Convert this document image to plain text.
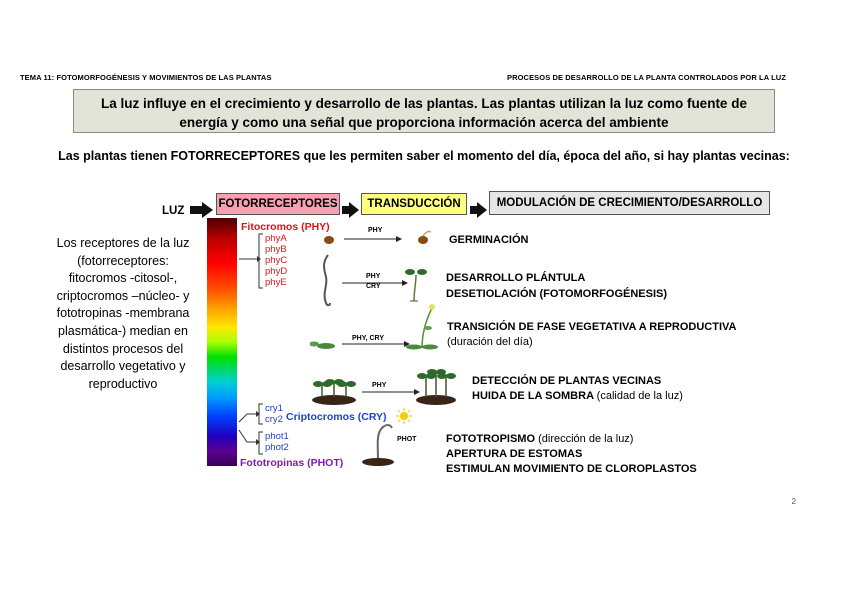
TEMA 11: FOTOMORFOGÉNESIS Y MOVIMIENTOS DE LAS PLANTAS	PROCESOS DE DESARROLLO DE LA PLANTA CONTROLADOS POR LA LUZ
La luz influye en el crecimiento y desarrollo de las plantas. Las plantas utilizan la luz como fuente de
energía y como una señal que proporciona información acerca del ambiente
Las plantas tienen FOTORRECEPTORES que les permiten saber el momento del día, época del año, si hay plantas vecinas:
LUZ
FOTORRECEPTORES	TRANSDUCCIÓN	MODULACIÓN DE CRECIMIENTO/DESARROLLO
Los receptores de la luz
(fotorreceptores:
fitocromos -citosol-,
criptocromos –núcleo- y
fototropinas -membrana
plasmática-) median en
distintos procesos del
desarrollo vegetativo y
reproductivo
Fitocromos (PHY)
phyA
phyB
phyC
phyD
phyE
cry1
cry2 Criptocromos (CRY)
phot1
phot2
Fototropinas (PHOT)
PHY
GERMINACIÓN
PHY
CRY
DESARROLLO PLÁNTULA
DESETIOLACIÓN (FOTOMORFOGÉNESIS)
PHY, CRY
TRANSICIÓN DE FASE VEGETATIVA A REPRODUCTIVA
(duración del día)
PHY	DETECCIÓN DE PLANTAS VECINAS
HUIDA DE LA SOMBRA (calidad de la luz)
PHOT	FOTOTROPISMO (dirección de la luz)
APERTURA DE ESTOMAS
ESTIMULAN MOVIMIENTO DE CLOROPLASTOS
2
